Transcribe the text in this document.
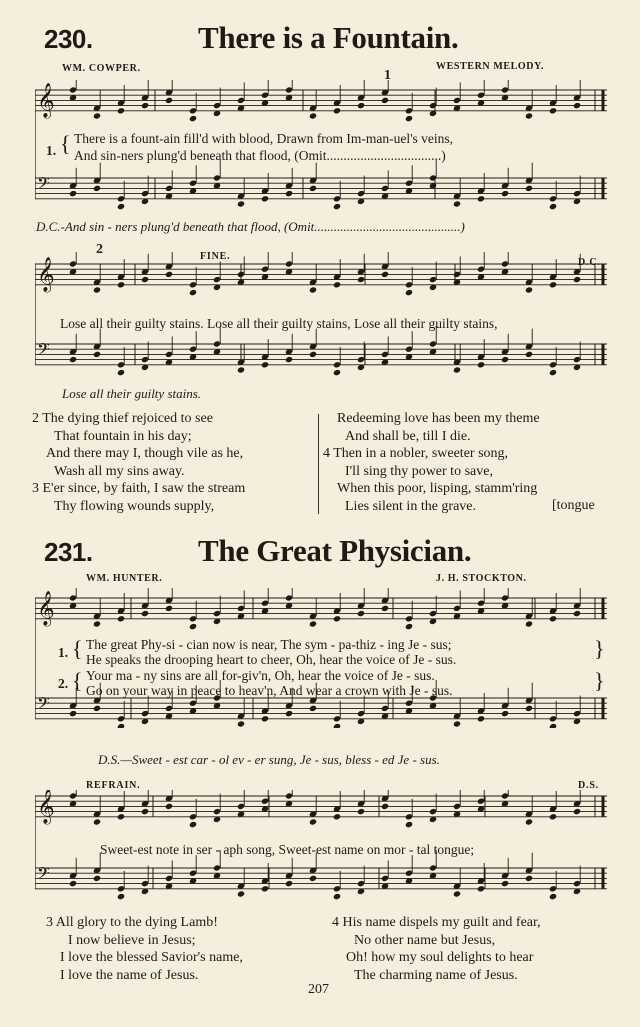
230.	There is a Fountain.
WM. COWPER.	WESTERN MELODY.
1
𝄞
𝄢
1. { There is a fount-ain fill'd with blood, Drawn from Im-man-uel's veins,
And sin-ners plung'd beneath that flood, (Omit..................................)
D.C.-And sin - ners plung'd beneath that flood, (Omit.............................................)
2	FINE.
D.C.
𝄞
𝄢
Lose all their guilty stains. Lose all their guilty stains, Lose all their guilty stains,
Lose all their guilty stains.
2 The dying thief rejoiced to see
That fountain in his day;
And there may I, though vile as he,
Wash all my sins away.
3 E'er since, by faith, I saw the stream
Thy flowing wounds supply,
Redeeming love has been my theme
And shall be, till I die.
4 Then in a nobler, sweeter song,
I'll sing thy power to save,
When this poor, lisping, stamm'ring
Lies silent in the grave.	[tongue
231.	The Great Physician.
WM. HUNTER.	J. H. STOCKTON.
𝄞
𝄢
1.
2.
{
{
The great Phy-si - cian now is near, The sym - pa-thiz - ing Je - sus;
He speaks the drooping heart to cheer, Oh, hear the voice of Je - sus.
Your ma - ny sins are all for-giv'n, Oh, hear the voice of Je - sus.
Go on your way in peace to heav'n, And wear a crown with Je - sus.
}
}
D.S.—Sweet - est car - ol ev - er sung, Je - sus, bless - ed Je - sus.
REFRAIN.	D.S.
𝄞
𝄢
Sweet-est note in ser - aph song, Sweet-est name on mor - tal tongue;
3 All glory to the dying Lamb!
I now believe in Jesus;
I love the blessed Savior's name,
I love the name of Jesus.
4 His name dispels my guilt and fear,
No other name but Jesus,
Oh! how my soul delights to hear
The charming name of Jesus.
207
